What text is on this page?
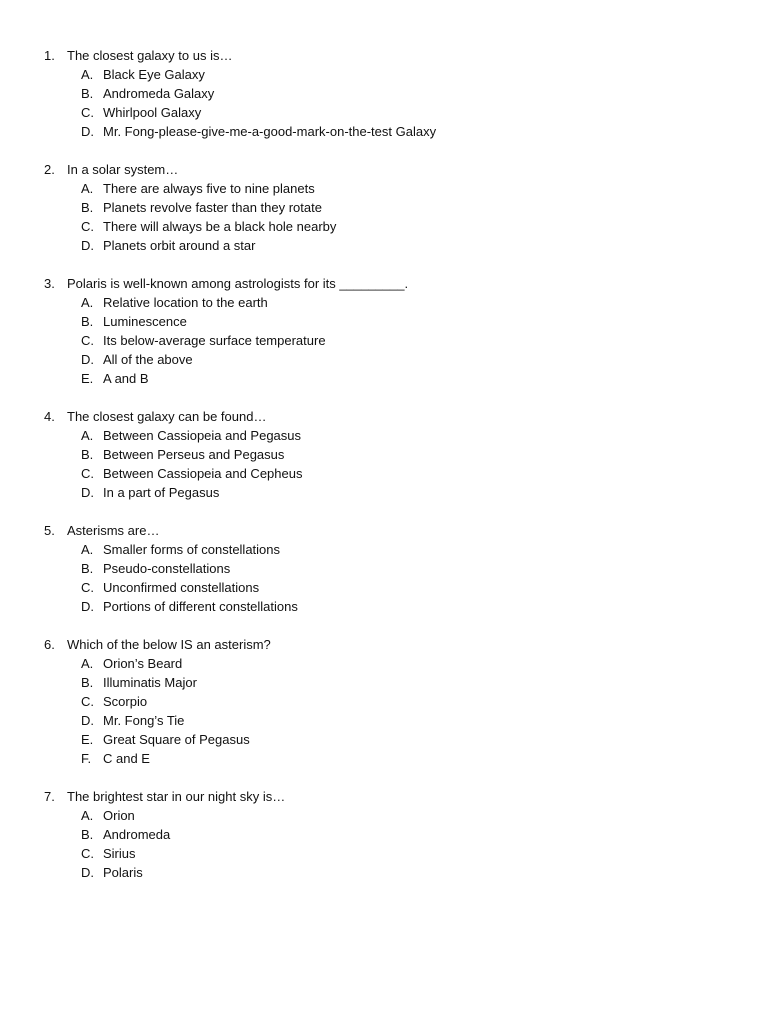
1. The closest galaxy to us is…
A. Black Eye Galaxy
B. Andromeda Galaxy
C. Whirlpool Galaxy
D. Mr. Fong-please-give-me-a-good-mark-on-the-test Galaxy
2. In a solar system…
A. There are always five to nine planets
B. Planets revolve faster than they rotate
C. There will always be a black hole nearby
D. Planets orbit around a star
3. Polaris is well-known among astrologists for its _________.
A. Relative location to the earth
B. Luminescence
C. Its below-average surface temperature
D. All of the above
E. A and B
4. The closest galaxy can be found…
A. Between Cassiopeia and Pegasus
B. Between Perseus and Pegasus
C. Between Cassiopeia and Cepheus
D. In a part of Pegasus
5. Asterisms are…
A. Smaller forms of constellations
B. Pseudo-constellations
C. Unconfirmed constellations
D. Portions of different constellations
6. Which of the below IS an asterism?
A. Orion’s Beard
B. Illuminatis Major
C. Scorpio
D. Mr. Fong’s Tie
E. Great Square of Pegasus
F. C and E
7. The brightest star in our night sky is…
A. Orion
B. Andromeda
C. Sirius
D. Polaris
